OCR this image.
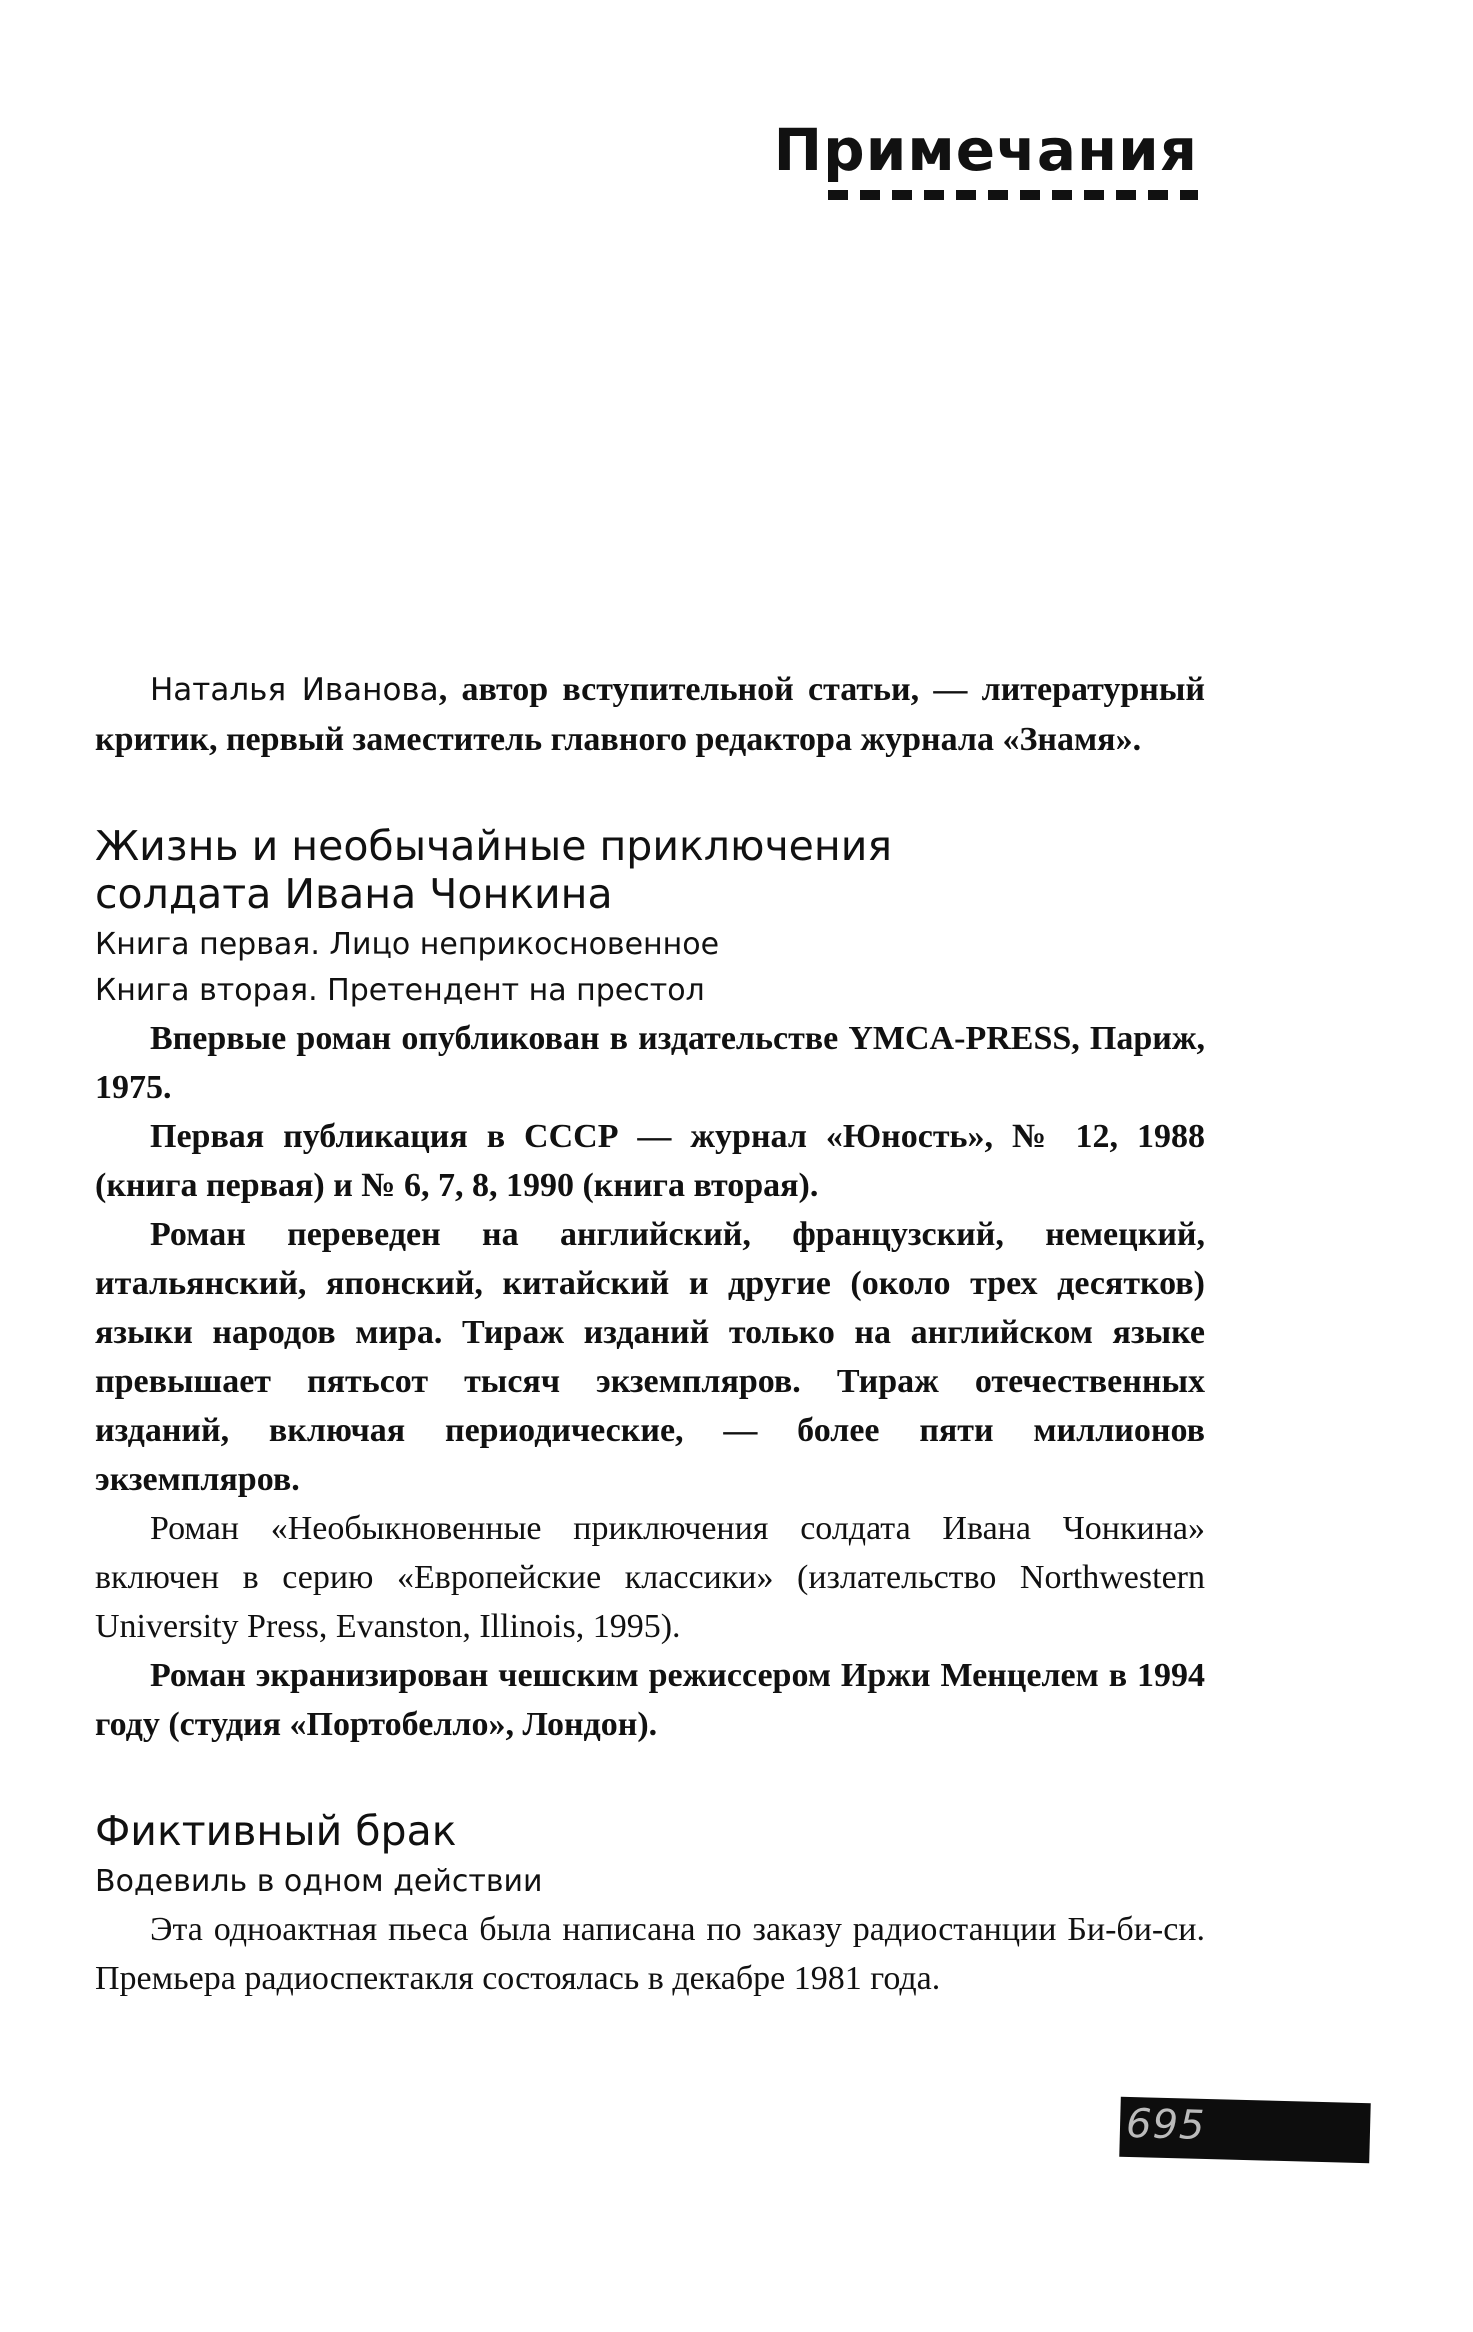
Примечания

Наталья Иванова, автор вступительной статьи, — литературный критик, первый заместитель главного редактора журнала «Знамя».

Жизнь и необычайные приключения
солдата Ивана Чонкина

Книга первая. Лицо неприкосновенное

Книга вторая. Претендент на престол

Впервые роман опубликован в издательстве YMCA-PRESS, Париж, 1975.

Первая публикация в СССР — журнал «Юность», № 12, 1988 (книга первая) и № 6, 7, 8, 1990 (книга вторая).

Роман переведен на английский, французский, немецкий, итальянский, японский, китайский и другие (около трех десятков) языки народов мира. Тираж изданий только на английском языке превышает пятьсот тысяч экземпляров. Тираж отечественных изданий, включая периодические, — более пяти миллионов экземпляров.

Роман «Необыкновенные приключения солдата Ивана Чонкина» включен в серию «Европейские классики» (излательство Northwestern University Press, Evanston, Illinois, 1995).

Роман экранизирован чешским режиссером Иржи Менцелем в 1994 году (студия «Портобелло», Лондон).

Фиктивный брак

Водевиль в одном действии

Эта одноактная пьеса была написана по заказу радиостанции Би-би-си. Премьера радиоспектакля состоялась в декабре 1981 года.

695
